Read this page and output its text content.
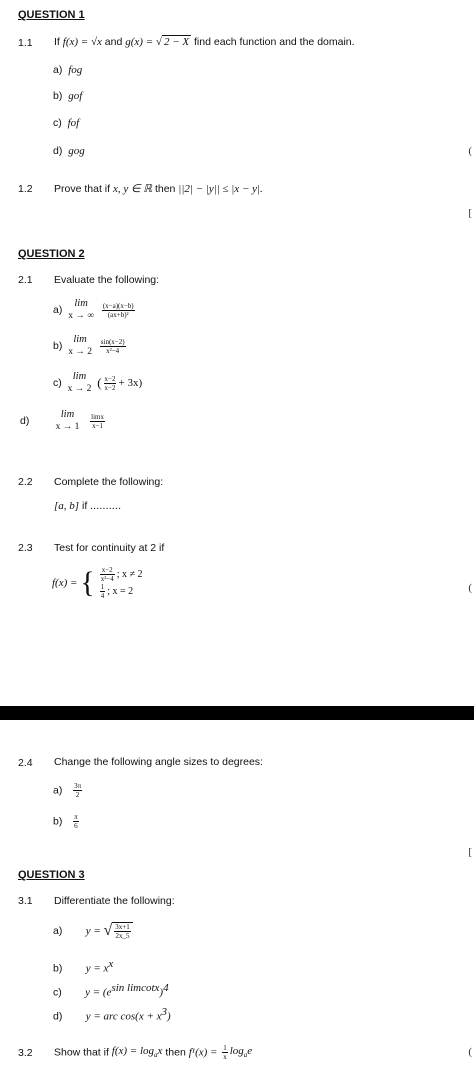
QUESTION 1
1.1 If f(x) = √x and g(x) = √ 2 − X find each function and the domain.
a) fog
b) gof
c) fof
d) gog
1.2 Prove that if x, y ∈ ℝ then ||2| − |y|| ≤ |x − y|.
QUESTION 2
2.1 Evaluate the following:
a)
lim
x → ∞
$\frac{(x-a)(x-b)}{\text{(ax+b)²}}$
b)
lim
x → 2
$\frac{\sin(x-2)}{\text{x²−4}}$
c)
lim
x → 2 ( $\frac{x-2}{x-2} + 3x$)
d)
lim
x → 1
$\frac{\lim x}{x-1}$
2.2 Complete the following:
[a, b] if ..........
2.3 Test for continuity at 2 if
f(x) = { $\frac{x-2}{\text{x²−4}}$ ; x ≠ 2
$\frac{1}{4}$ ; x = 2
2.4 Change the following angle sizes to degrees:
$a) \frac{3\pi}{2}$
$b) \frac{\pi}{6}$
QUESTION 3
3.1 Differentiate the following:
a) y = √ $\frac{3x+1}{2x\_5}$
b) $y = x^x$
c) $y = (e^{sin limcotx})^4$
d) y = arc $\cos(x + x^3)$
3.2 Show that if $f(x) = \log_ax$ then $f^1(x) = \frac{1}{x} \log_ae$
(
[
(
[
(
